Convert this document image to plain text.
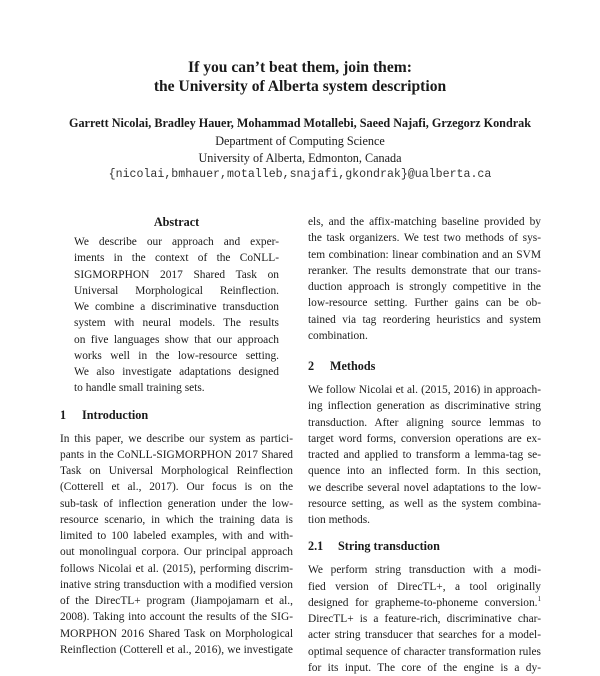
If you can’t beat them, join them:
the University of Alberta system description
Garrett Nicolai, Bradley Hauer, Mohammad Motallebi, Saeed Najafi, Grzegorz Kondrak
Department of Computing Science
University of Alberta, Edmonton, Canada
{nicolai,bmhauer,motalleb,snajafi,gkondrak}@ualberta.ca
Abstract
We describe our approach and exper-
iments in the context of the CoNLL-
SIGMORPHON 2017 Shared Task on
Universal Morphological Reinflection.
We combine a discriminative transduction
system with neural models. The results
on five languages show that our approach
works well in the low-resource setting.
We also investigate adaptations designed
to handle small training sets.
1 Introduction
In this paper, we describe our system as partici-
pants in the CoNLL-SIGMORPHON 2017 Shared
Task on Universal Morphological Reinflection
(Cotterell et al., 2017). Our focus is on the
sub-task of inflection generation under the low-
resource scenario, in which the training data is
limited to 100 labeled examples, with and with-
out monolingual corpora. Our principal approach
follows Nicolai et al. (2015), performing discrim-
inative string transduction with a modified version
of the DirecTL+ program (Jiampojamarn et al.,
2008). Taking into account the results of the SIG-
MORPHON 2016 Shared Task on Morphological
Reinflection (Cotterell et al., 2016), we investigate
els, and the affix-matching baseline provided by
the task organizers. We test two methods of sys-
tem combination: linear combination and an SVM
reranker. The results demonstrate that our trans-
duction approach is strongly competitive in the
low-resource setting. Further gains can be ob-
tained via tag reordering heuristics and system
combination.
2 Methods
We follow Nicolai et al. (2015, 2016) in approach-
ing inflection generation as discriminative string
transduction. After aligning source lemmas to
target word forms, conversion operations are ex-
tracted and applied to transform a lemma-tag se-
quence into an inflected form. In this section,
we describe several novel adaptations to the low-
resource setting, as well as the system combina-
tion methods.
2.1 String transduction
We perform string transduction with a modi-
fied version of DirecTL+, a tool originally
designed for grapheme-to-phoneme conversion.$^1$
DirecTL+ is a feature-rich, discriminative char-
acter string transducer that searches for a model-
optimal sequence of character transformation rules
for its input. The core of the engine is a dy-
